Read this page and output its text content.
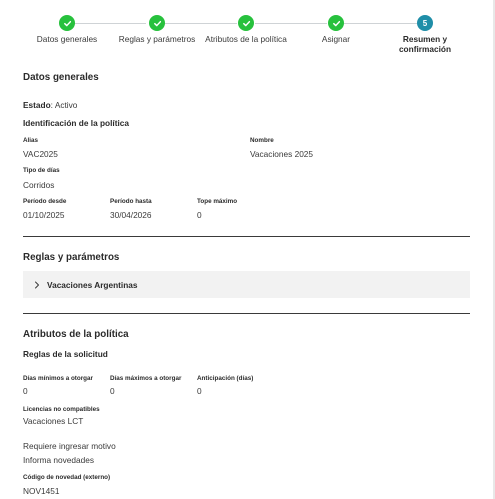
Datos generales	Reglas y parámetros	Atributos de la política	Asignar
5
Resumen y confirmación
Datos generales
Estado: Activo
Identificación de la política
Alias
VAC2025
Nombre
Vacaciones 2025
Tipo de días
Corridos
Período desde
01/10/2025
Período hasta
30/04/2026
Tope máximo
0
Reglas y parámetros
Vacaciones Argentinas
Atributos de la política
Reglas de la solicitud
Días mínimos a otorgar
0
Días máximos a otorgar
0
Anticipación (días)
0
Licencias no compatibles
Vacaciones LCT
Requiere ingresar motivo
Informa novedades
Código de novedad (externo)
NOV1451
